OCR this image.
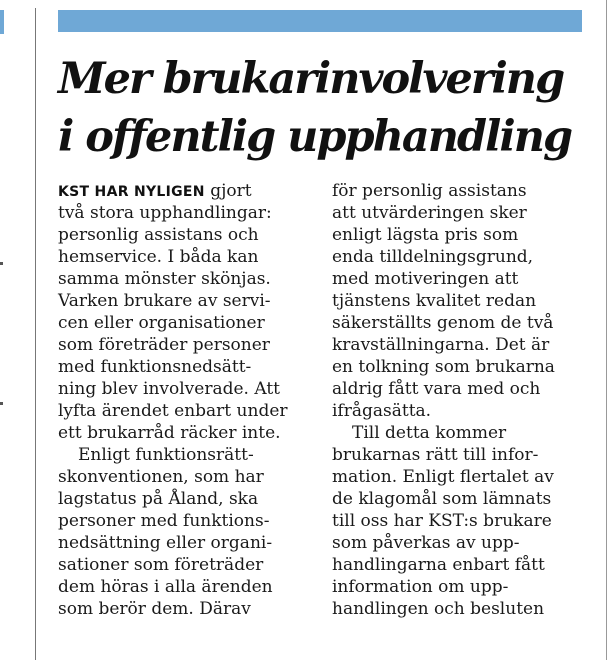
Mer brukarinvolvering
i offentlig upphandling
KST HAR NYLIGEN gjort
två stora upphandlingar:
personlig assistans och
hemservice. I båda kan
samma mönster skönjas.
Varken brukare av servi-
cen eller organisationer
som företräder personer
med funktionsnedsätt-
ning blev involverade. Att
lyfta ärendet enbart under
ett brukarråd räcker inte.
Enligt funktionsrätt-
skonventionen, som har
lagstatus på Åland, ska
personer med funktions-
nedsättning eller organi-
sationer som företräder
dem höras i alla ärenden
som berör dem. Därav
för personlig assistans
att utvärderingen sker
enligt lägsta pris som
enda tilldelningsgrund,
med motiveringen att
tjänstens kvalitet redan
säkerställts genom de två
kravställningarna. Det är
en tolkning som brukarna
aldrig fått vara med och
ifrågasätta.
Till detta kommer
brukarnas rätt till infor-
mation. Enligt flertalet av
de klagomål som lämnats
till oss har KST:s brukare
som påverkas av upp-
handlingarna enbart fått
information om upp-
handlingen och besluten
